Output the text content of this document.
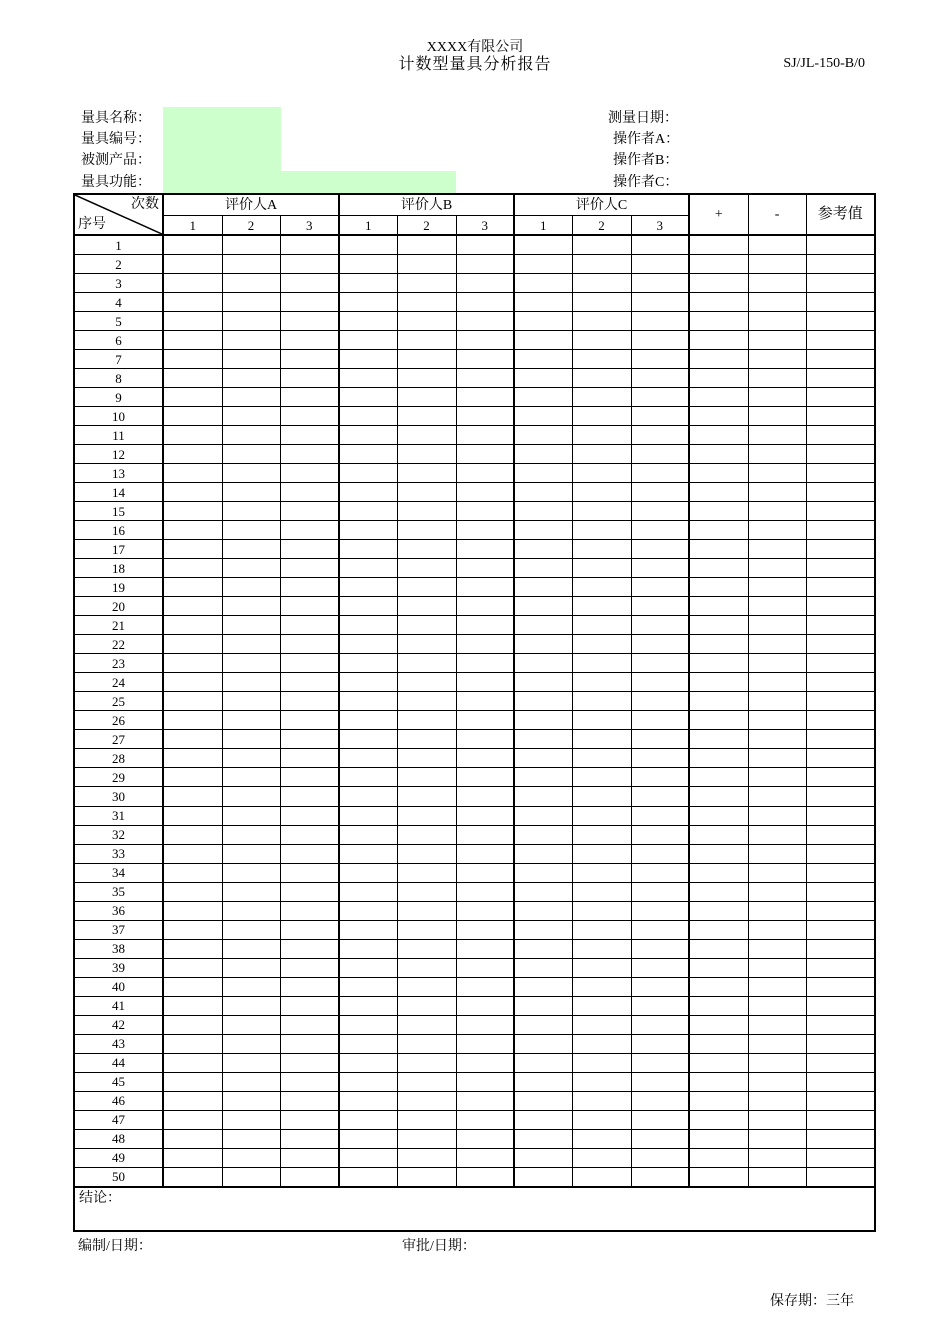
XXXX有限公司
计数型量具分析报告	SJ/JL-150-B/0
量具名称：
量具编号：
被测产品：
量具功能：
测量日期：
操作者A：
操作者B：
操作者C：
次数
序号	评价人A			评价人B			评价人C			+	-	参考值
	1	2	3	1	2	3	1	2	3			
1												
2												
3												
4												
5												
6												
7												
8												
9												
10												
11												
12												
13												
14												
15												
16												
17												
18												
19												
20												
21												
22												
23												
24												
25												
26												
27												
28												
29												
30												
31												
32												
33												
34												
35												
36												
37												
38												
39												
40												
41												
42												
43												
44												
45												
46												
47												
48												
49												
50												
结论：												
编制/日期：	审批/日期：
保存期：三年
